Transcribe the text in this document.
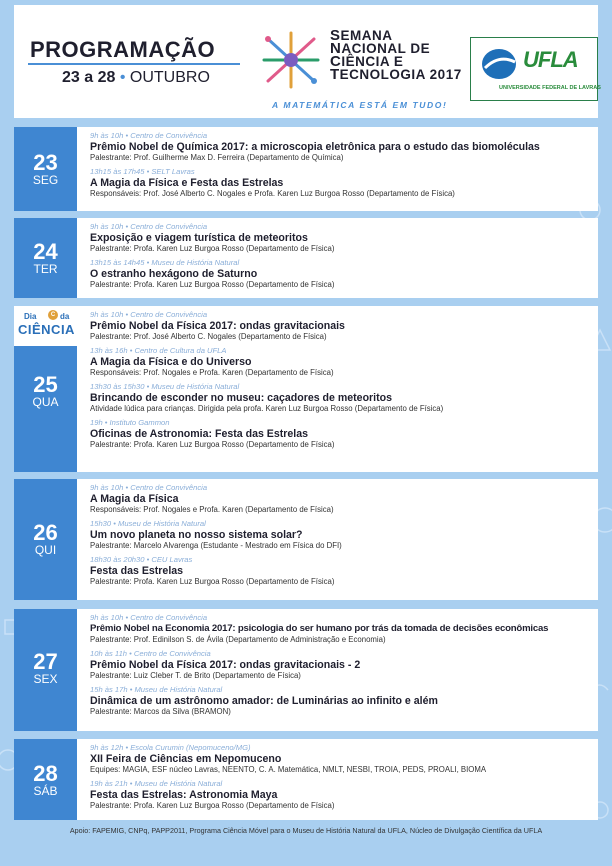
PROGRAMAÇÃO
23 a 28 • OUTUBRO
SEMANA
NACIONAL DE
CIÊNCIA E
TECNOLOGIA 2017
A MATEMÁTICA ESTÁ EM TUDO!
UFLA
UNIVERSIDADE FEDERAL DE LAVRAS
23
SEG
9h às 10h • Centro de Convivência
Prêmio Nobel de Química 2017: a microscopia eletrônica para o estudo das biomoléculas
Palestrante: Prof. Guilherme Max D. Ferreira (Departamento de Química)
13h15 às 17h45 • SELT Lavras
A Magia da Física e Festa das Estrelas
Responsáveis: Prof. José Alberto C. Nogales e Profa. Karen Luz Burgoa Rosso (Departamento de Física)
24
TER
9h às 10h • Centro de Convivência
Exposição e viagem turística de meteoritos
Palestrante: Profa. Karen Luz Burgoa Rosso (Departamento de Física)
13h15 às 14h45 • Museu de História Natural
O estranho hexágono de Saturno
Palestrante: Profa. Karen Luz Burgoa Rosso (Departamento de Física)
Dia	C da
CIÊNCIA
25
QUA
9h às 10h • Centro de Convivência
Prêmio Nobel da Física 2017: ondas gravitacionais
Palestrante: Prof. José Alberto C. Nogales (Departamento de Física)
13h às 16h • Centro de Cultura da UFLA
A Magia da Física e do Universo
Responsáveis: Prof. Nogales e Profa. Karen (Departamento de Física)
13h30 às 15h30 • Museu de História Natural
Brincando de esconder no museu: caçadores de meteoritos
Atividade lúdica para crianças. Dirigida pela profa. Karen Luz Burgoa Rosso (Departamento de Física)
19h • Instituto Gammon
Oficinas de Astronomia: Festa das Estrelas
Palestrante: Profa. Karen Luz Burgoa Rosso (Departamento de Física)
26
QUI
9h às 10h • Centro de Convivência
A Magia da Física
Responsáveis: Prof. Nogales e Profa. Karen (Departamento de Física)
15h30 • Museu de História Natural
Um novo planeta no nosso sistema solar?
Palestrante: Marcelo Alvarenga (Estudante - Mestrado em Física do DFI)
18h30 às 20h30 • CEU Lavras
Festa das Estrelas
Palestrante: Profa. Karen Luz Burgoa Rosso (Departamento de Física)
27
SEX
9h às 10h • Centro de Convivência
Prêmio Nobel na Economia 2017: psicologia do ser humano por trás da tomada de decisões econômicas
Palestrante: Prof. Edinilson S. de Ávila (Departamento de Administração e Economia)
10h às 11h • Centro de Convivência
Prêmio Nobel da Física 2017: ondas gravitacionais - 2
Palestrante: Luiz Cleber T. de Brito (Departamento de Física)
15h às 17h • Museu de História Natural
Dinâmica de um astrônomo amador: de Luminárias ao infinito e além
Palestrante: Marcos da Silva (BRAMON)
28
SÁB
9h às 12h • Escola Curumin (Nepomuceno/MG)
XII Feira de Ciências em Nepomuceno
Equipes: MAGIA, ESF núcleo Lavras, NEENTO, C. A. Matemática, NMLT, NESBI, TROIA, PEDS, PROALI, BIOMA
19h às 21h • Museu de História Natural
Festa das Estrelas: Astronomia Maya
Palestrante: Profa. Karen Luz Burgoa Rosso (Departamento de Física)
Apoio: FAPEMIG, CNPq, PAPP2011, Programa Ciência Móvel para o Museu de História Natural da UFLA, Núcleo de Divulgação Científica da UFLA
